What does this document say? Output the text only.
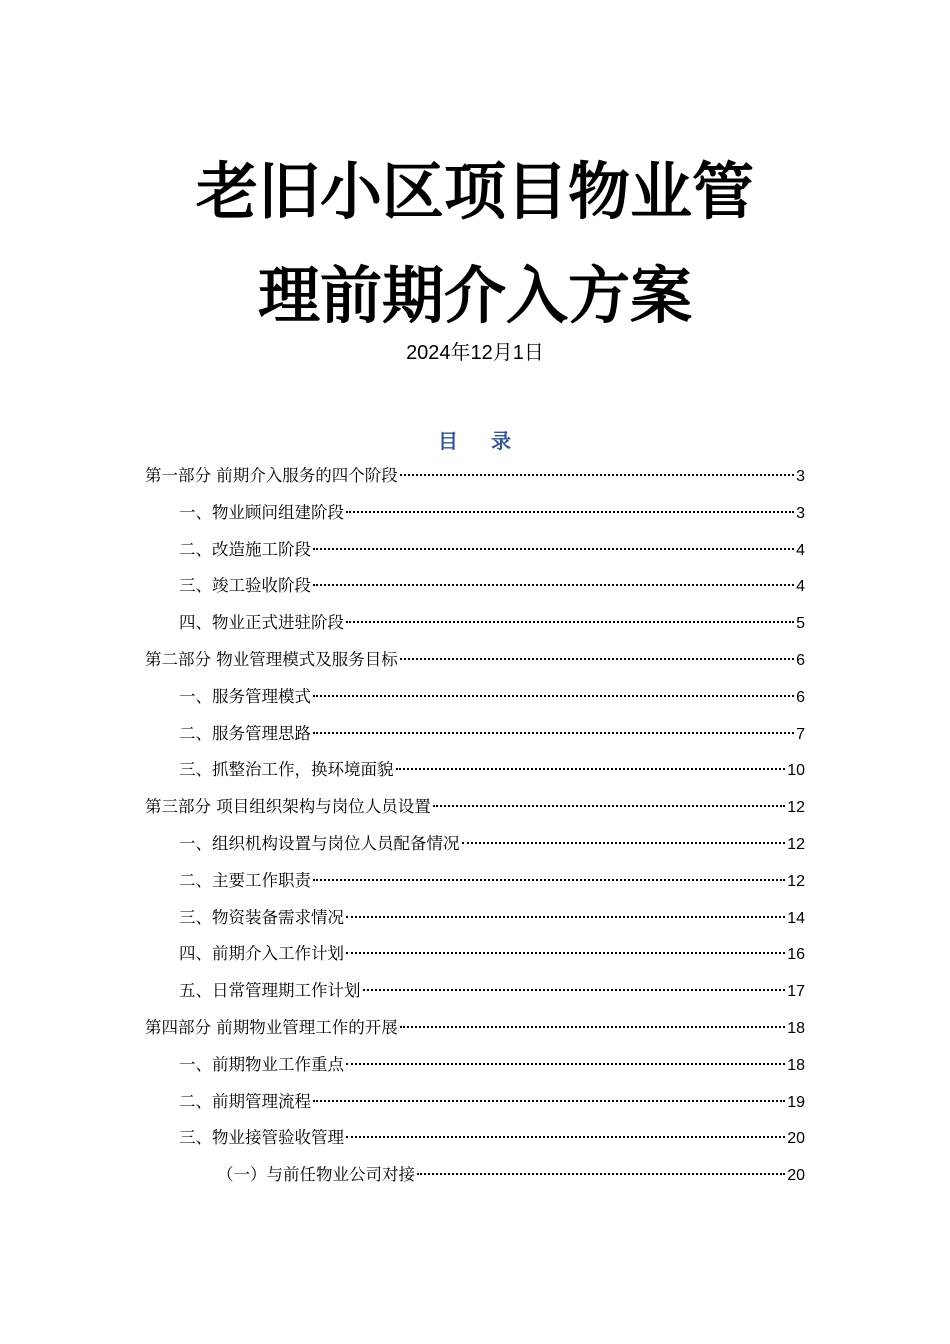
老旧小区项目物业管
理前期介入方案
2024年12月1日
目 录
第一部分 前期介入服务的四个阶段	3
一、物业顾问组建阶段	3
二、改造施工阶段	4
三、竣工验收阶段	4
四、物业正式进驻阶段	5
第二部分 物业管理模式及服务目标	6
一、服务管理模式	6
二、服务管理思路	7
三、抓整治工作，换环境面貌	10
第三部分 项目组织架构与岗位人员设置	12
一、组织机构设置与岗位人员配备情况	12
二、主要工作职责	12
三、物资装备需求情况	14
四、前期介入工作计划	16
五、日常管理期工作计划	17
第四部分 前期物业管理工作的开展	18
一、前期物业工作重点	18
二、前期管理流程	19
三、物业接管验收管理	20
（一）与前任物业公司对接	20
